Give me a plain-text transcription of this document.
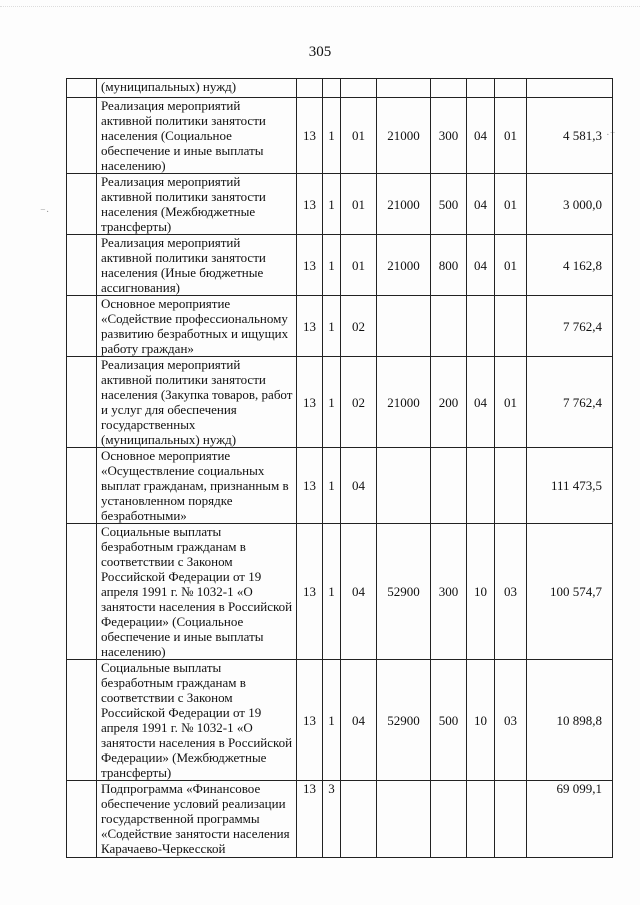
⁻·
·⁻
305
	(муниципальных) нужд)								
	Реализация мероприятий активной политики занятости населения (Социальное обеспечение и иные выплаты населению)	13	1	01	21000	300	04	01	4 581,3
	Реализация мероприятий активной политики занятости населения (Межбюджетные трансферты)	13	1	01	21000	500	04	01	3 000,0
	Реализация мероприятий активной политики занятости населения (Иные бюджетные ассигнования)	13	1	01	21000	800	04	01	4 162,8
	Основное мероприятие «Содействие профессиональному развитию безработных и ищущих работу граждан»	13	1	02					7 762,4
	Реализация мероприятий активной политики занятости населения (Закупка товаров, работ и услуг для обеспечения государственных (муниципальных) нужд)	13	1	02	21000	200	04	01	7 762,4
	Основное мероприятие «Осуществление социальных выплат гражданам, признанным в установленном порядке безработными»	13	1	04					111 473,5
	Социальные выплаты безработным гражданам в соответствии с Законом Российской Федерации от 19 апреля 1991 г. № 1032-1 «О занятости населения в Российской Федерации» (Социальное обеспечение и иные выплаты населению)	13	1	04	52900	300	10	03	100 574,7
	Социальные выплаты безработным гражданам в соответствии с Законом Российской Федерации от 19 апреля 1991 г. № 1032-1 «О занятости населения в Российской Федерации» (Межбюджетные трансферты)	13	1	04	52900	500	10	03	10 898,8
	Подпрограмма «Финансовое обеспечение условий реализации государственной программы «Содействие занятости населения Карачаево-Черкесской	13	3						69 099,1
